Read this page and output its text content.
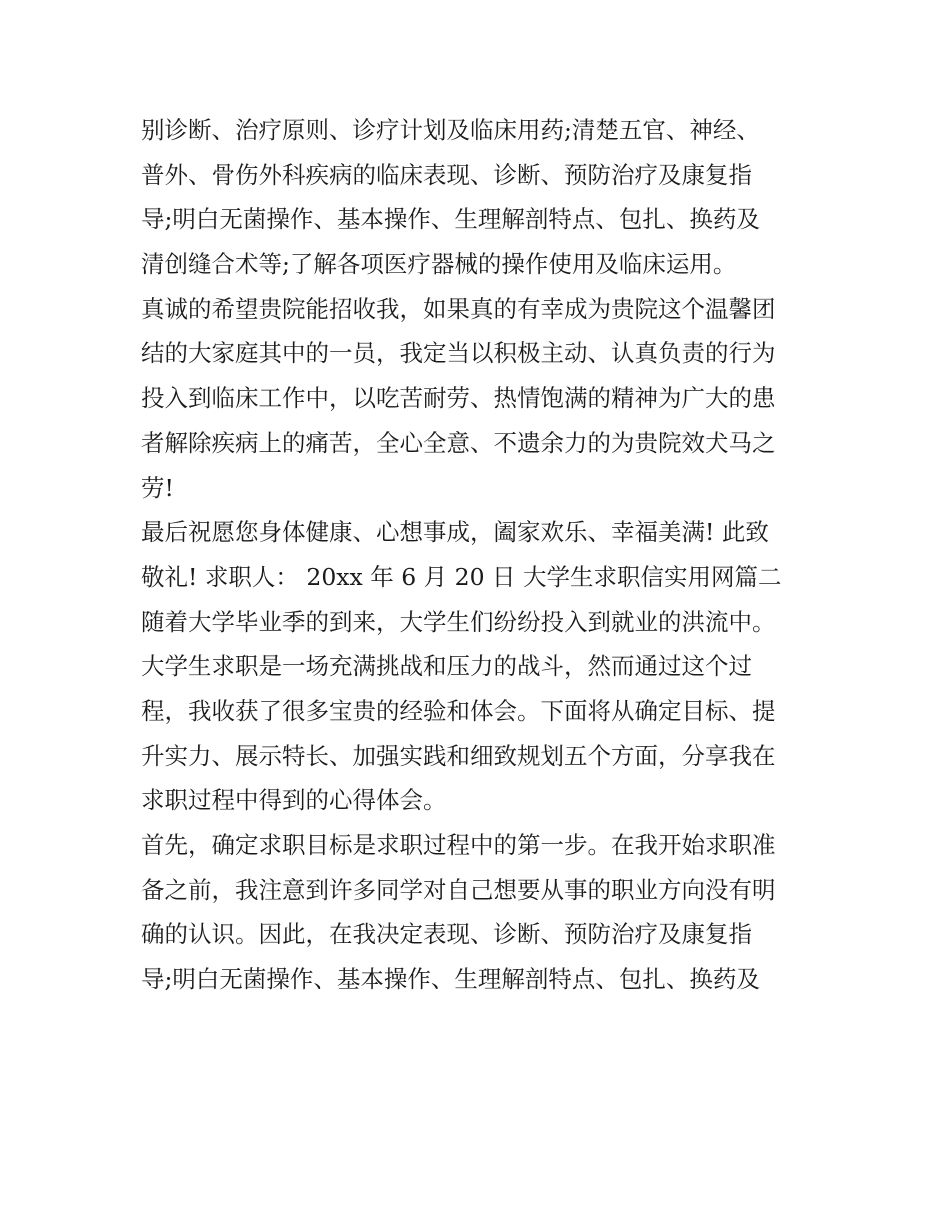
别诊断、治疗原则、诊疗计划及临床用药;清楚五官、神经、
普外、骨伤外科疾病的临床表现、诊断、预防治疗及康复指
导;明白无菌操作、基本操作、生理解剖特点、包扎、换药及
清创缝合术等;了解各项医疗器械的操作使用及临床运用。
真诚的希望贵院能招收我，如果真的有幸成为贵院这个温馨团
结的大家庭其中的一员，我定当以积极主动、认真负责的行为
投入到临床工作中，以吃苦耐劳、热情饱满的精神为广大的患
者解除疾病上的痛苦，全心全意、不遗余力的为贵院效犬马之
劳!
最后祝愿您身体健康、心想事成，阖家欢乐、幸福美满! 此致
敬礼! 求职人： 20xx 年 6 月 20 日 大学生求职信实用网篇二
随着大学毕业季的到来，大学生们纷纷投入到就业的洪流中。
大学生求职是一场充满挑战和压力的战斗，然而通过这个过
程，我收获了很多宝贵的经验和体会。下面将从确定目标、提
升实力、展示特长、加强实践和细致规划五个方面，分享我在
求职过程中得到的心得体会。
首先，确定求职目标是求职过程中的第一步。在我开始求职准
备之前，我注意到许多同学对自己想要从事的职业方向没有明
确的认识。因此，在我决定表现、诊断、预防治疗及康复指
导;明白无菌操作、基本操作、生理解剖特点、包扎、换药及
